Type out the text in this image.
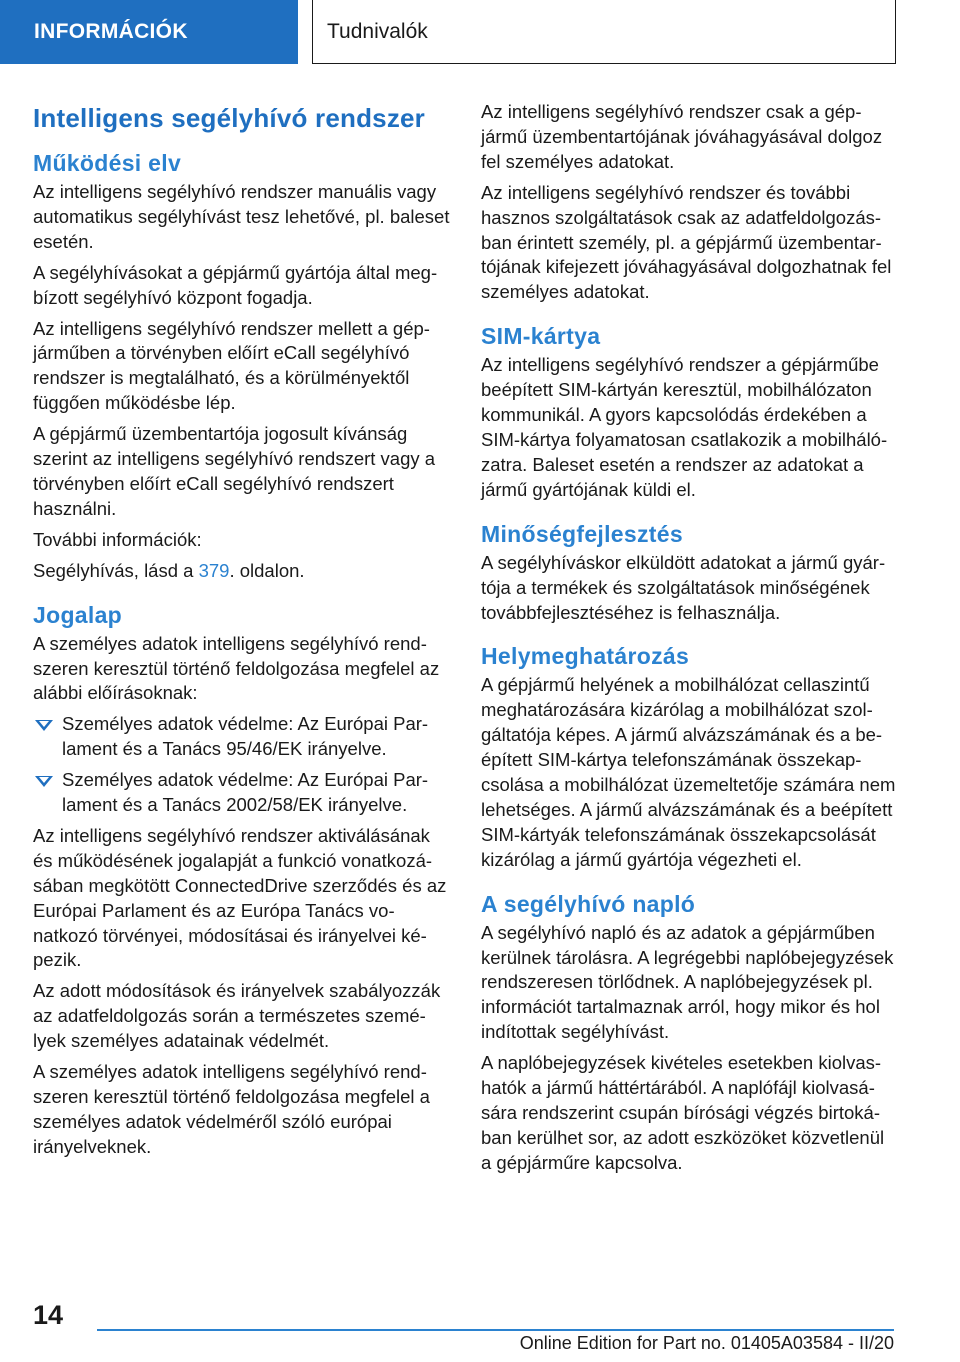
INFORMÁCIÓK	Tudnivalók
Intelligens segélyhívó rendszer
Működési elv

Az intelligens segélyhívó rendszer manuális vagy automatikus segélyhívást tesz lehetővé, pl. baleset esetén.

A segélyhívásokat a gépjármű gyártója által megbízott segélyhívó központ fogadja.

Az intelligens segélyhívó rendszer mellett a gépjárműben a törvényben előírt eCall segélyhívó rendszer is megtalálható, és a körülményektől függően működésbe lép.

A gépjármű üzembentartója jogosult kívánság szerint az intelligens segélyhívó rendszert vagy a törvényben előírt eCall segélyhívó rendszert használni.

További információk:

Segélyhívás, lásd a 379. oldalon.

Jogalap

A személyes adatok intelligens segélyhívó rendszeren keresztül történő feldolgozása megfelel az alábbi előírásoknak:

Személyes adatok védelme: Az Európai Parlament és a Tanács 95/46/EK irányelve.
Személyes adatok védelme: Az Európai Parlament és a Tanács 2002/58/EK irányelve.

Az intelligens segélyhívó rendszer aktiválásának és működésének jogalapját a funkció vonatkozásában megkötött ConnectedDrive szerződés és az Európai Parlament és az Európa Tanács vonatkozó törvényei, módosításai és irányelvei képezik.

Az adott módosítások és irányelvek szabályozzák az adatfeldolgozás során a természetes személyek személyes adatainak védelmét.

A személyes adatok intelligens segélyhívó rendszeren keresztül történő feldolgozása megfelel a személyes adatok védelméről szóló európai irányelveknek.

Az intelligens segélyhívó rendszer csak a gépjármű üzembentartójának jóváhagyásával dolgoz fel személyes adatokat.

Az intelligens segélyhívó rendszer és további hasznos szolgáltatások csak az adatfeldolgozásban érintett személy, pl. a gépjármű üzembentartójának kifejezett jóváhagyásával dolgozhatnak fel személyes adatokat.

SIM-kártya

Az intelligens segélyhívó rendszer a gépjárműbe beépített SIM-kártyán keresztül, mobilhálózaton kommunikál. A gyors kapcsolódás érdekében a SIM-kártya folyamatosan csatlakozik a mobilhálózatra. Baleset esetén a rendszer az adatokat a jármű gyártójának küldi el.

Minőségfejlesztés

A segélyhíváskor elküldött adatokat a jármű gyártója a termékek és szolgáltatások minőségének továbbfejlesztéséhez is felhasználja.

Helymeghatározás

A gépjármű helyének a mobilhálózat cellaszintű meghatározására kizárólag a mobilhálózat szolgáltatója képes. A jármű alvázszámának és a beépített SIM-kártya telefonszámának összekapcsolása a mobilhálózat üzemeltetője számára nem lehetséges. A jármű alvázszámának és a beépített SIM-kártyák telefonszámának összekapcsolását kizárólag a jármű gyártója végezheti el.

A segélyhívó napló

A segélyhívó napló és az adatok a gépjárműben kerülnek tárolásra. A legrégebbi naplóbejegyzések rendszeresen törlődnek. A naplóbejegyzések pl. információt tartalmaznak arról, hogy mikor és hol indítottak segélyhívást.

A naplóbejegyzések kivételes esetekben kiolvashatók a jármű háttértárából. A naplófájl kiolvasására rendszerint csupán bírósági végzés birtokában kerülhet sor, az adott eszközöket közvetlenül a gépjárműre kapcsolva.

14
Online Edition for Part no. 01405A03584 - II/20
